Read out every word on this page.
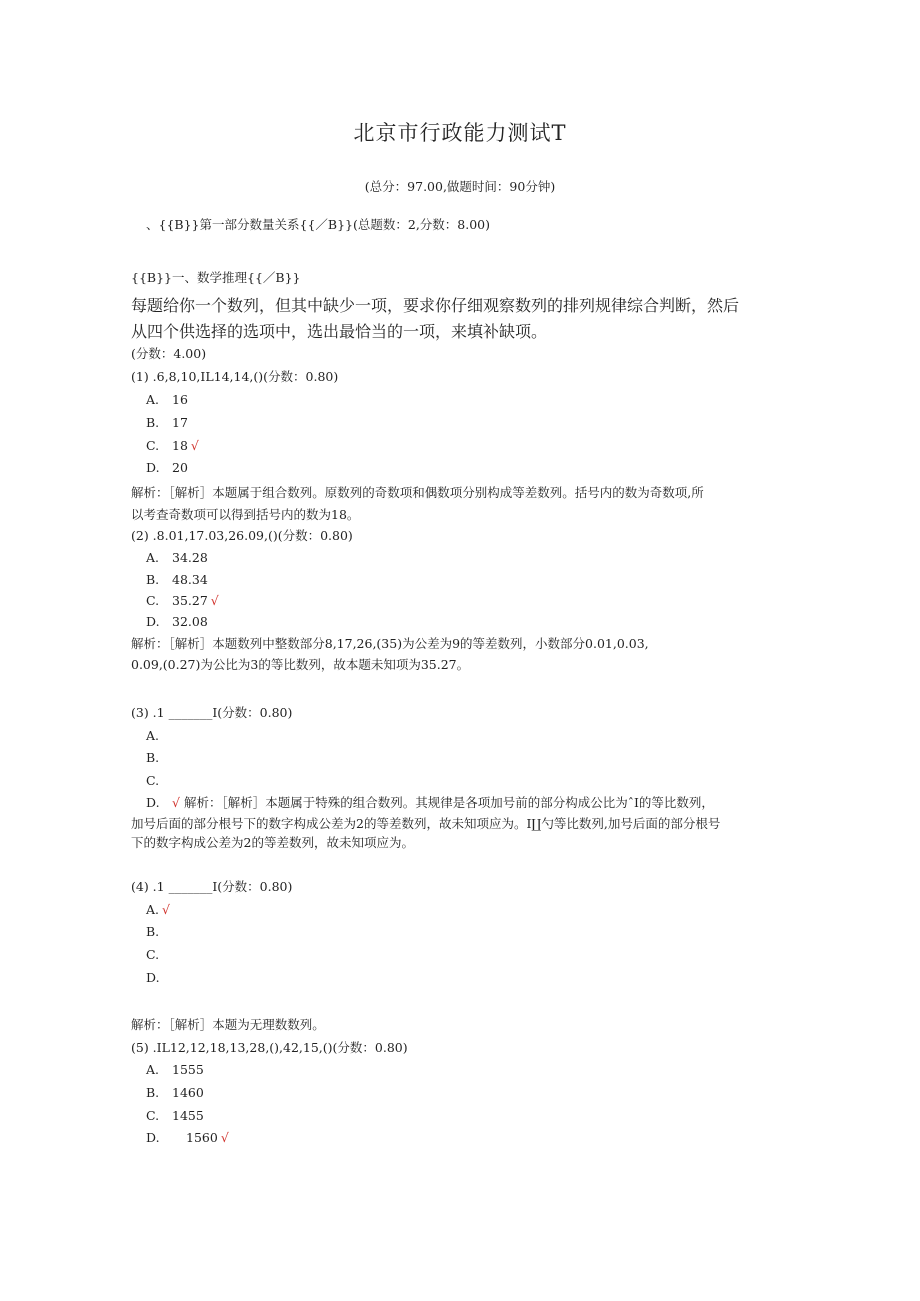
北京市行政能力测试T
(总分：97.00,做题时间：90分钟)
、{{B}}第一部分数量关系{{／B}}(总题数：2,分数：8.00)
{{B}}一、数学推理{{／B}}
每题给你一个数列，但其中缺少一项，要求你仔细观察数列的排列规律综合判断，然后
从四个供选择的选项中，选出最恰当的一项，来填补缺项。
(分数：4.00)
(1) .6,8,10,IL14,14,()(分数：0.80)
A. 16
B. 17
C. 18 √
D. 20
解析：［解析］本题属于组合数列。原数列的奇数项和偶数项分别构成等差数列。括号内的数为奇数项,所
以考查奇数项可以得到括号内的数为18。
(2) .8.01,17.03,26.09,()(分数：0.80)
A. 34.28
B. 48.34
C. 35.27 √
D. 32.08
解析：［解析］本题数列中整数部分8,17,26,(35)为公差为9的等差数列，小数部分0.01,0.03,
0.09,(0.27)为公比为3的等比数列，故本题未知项为35.27。
(3) .1 _______I(分数：0.80)
A.
B.
C.
D. √ 解析：［解析］本题属于特殊的组合数列。其规律是各项加号前的部分构成公比为ˆI的等比数列，
加号后面的部分根号下的数字构成公差为2的等差数列，故未知项应为。I∐勺等比数列,加号后面的部分根号
下的数字构成公差为2的等差数列，故未知项应为。
(4) .1 _______I(分数：0.80)
A. √
B.
C.
D.
解析：［解析］本题为无理数数列。
(5) .IL12,12,18,13,28,(),42,15,()(分数：0.80)
A. 1555
B. 1460
C. 1455
D. 1560 √
